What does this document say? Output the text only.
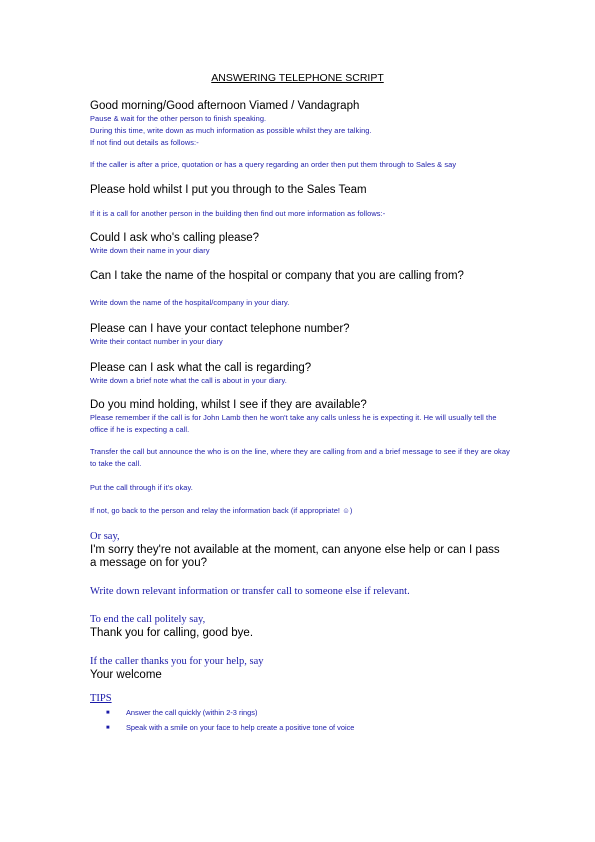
ANSWERING TELEPHONE SCRIPT
Good morning/Good afternoon Viamed / Vandagraph
Pause & wait for the other person to finish speaking.
During this time, write down as much information as possible whilst they are talking.
If not find out details as follows:-
If the caller is after a price, quotation or has a query regarding an order then put them through to Sales & say
Please hold whilst I put you through to the Sales Team
If it is a call for another person in the building then find out more information as follows:-
Could I ask who's calling please?
Write down their name in your diary
Can I take the name of the hospital or company that you are calling from?
Write down the name of the hospital/company in your diary.
Please can I have your contact telephone number?
Write their contact number in your diary
Please can I ask what the call is regarding?
Write down a brief note what the call is about in your diary.
Do you mind holding, whilst I see if they are available?
Please remember if the call is for John Lamb then he won't take any calls unless he is expecting it. He will usually tell the office if he is expecting a call.
Transfer the call but announce the who is on the line, where they are calling from and a brief message to see if they are okay to take the call.
Put the call through if it's okay.
If not, go back to the person and relay the information back (if appropriate! ☺)
Or say,
I'm sorry they're not available at the moment, can anyone else help or can I pass a message on for you?
Write down relevant information or transfer call to someone else if relevant.
To end the call politely say,
Thank you for calling, good bye.
If the caller thanks you for your help, say
Your welcome
TIPS
■ Answer the call quickly (within 2-3 rings)
■ Speak with a smile on your face to help create a positive tone of voice
